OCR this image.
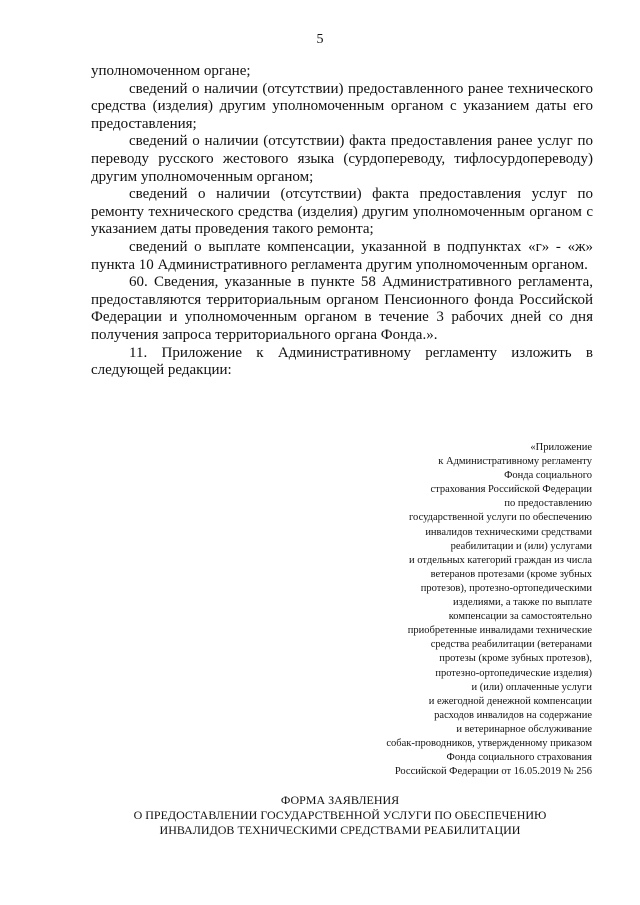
5

уполномоченном органе;

сведений о наличии (отсутствии) предоставленного ранее технического средства (изделия) другим уполномоченным органом с указанием даты его предоставления;

сведений о наличии (отсутствии) факта предоставления ранее услуг по переводу русского жестового языка (сурдопереводу, тифлосурдопереводу) другим уполномоченным органом;

сведений о наличии (отсутствии) факта предоставления услуг по ремонту технического средства (изделия) другим уполномоченным органом с указанием даты проведения такого ремонта;

сведений о выплате компенсации, указанной в подпунктах «г» - «ж» пункта 10 Административного регламента другим уполномоченным органом.

60. Сведения, указанные в пункте 58 Административного регламента, предоставляются территориальным органом Пенсионного фонда Российской Федерации и уполномоченным органом в течение 3 рабочих дней со дня получения запроса территориального органа Фонда.».

11. Приложение к Административному регламенту изложить в следующей редакции:

«Приложение
к Административному регламенту
Фонда социального
страхования Российской Федерации
по предоставлению
государственной услуги по обеспечению
инвалидов техническими средствами
реабилитации и (или) услугами
и отдельных категорий граждан из числа
ветеранов протезами (кроме зубных
протезов), протезно-ортопедическими
изделиями, а также по выплате
компенсации за самостоятельно
приобретенные инвалидами технические
средства реабилитации (ветеранами
протезы (кроме зубных протезов),
протезно-ортопедические изделия)
и (или) оплаченные услуги
и ежегодной денежной компенсации
расходов инвалидов на содержание
и ветеринарное обслуживание
собак-проводников, утвержденному приказом
Фонда социального страхования
Российской Федерации от 16.05.2019 № 256
ФОРМА ЗАЯВЛЕНИЯ
О ПРЕДОСТАВЛЕНИИ ГОСУДАРСТВЕННОЙ УСЛУГИ ПО ОБЕСПЕЧЕНИЮ
ИНВАЛИДОВ ТЕХНИЧЕСКИМИ СРЕДСТВАМИ РЕАБИЛИТАЦИИ
